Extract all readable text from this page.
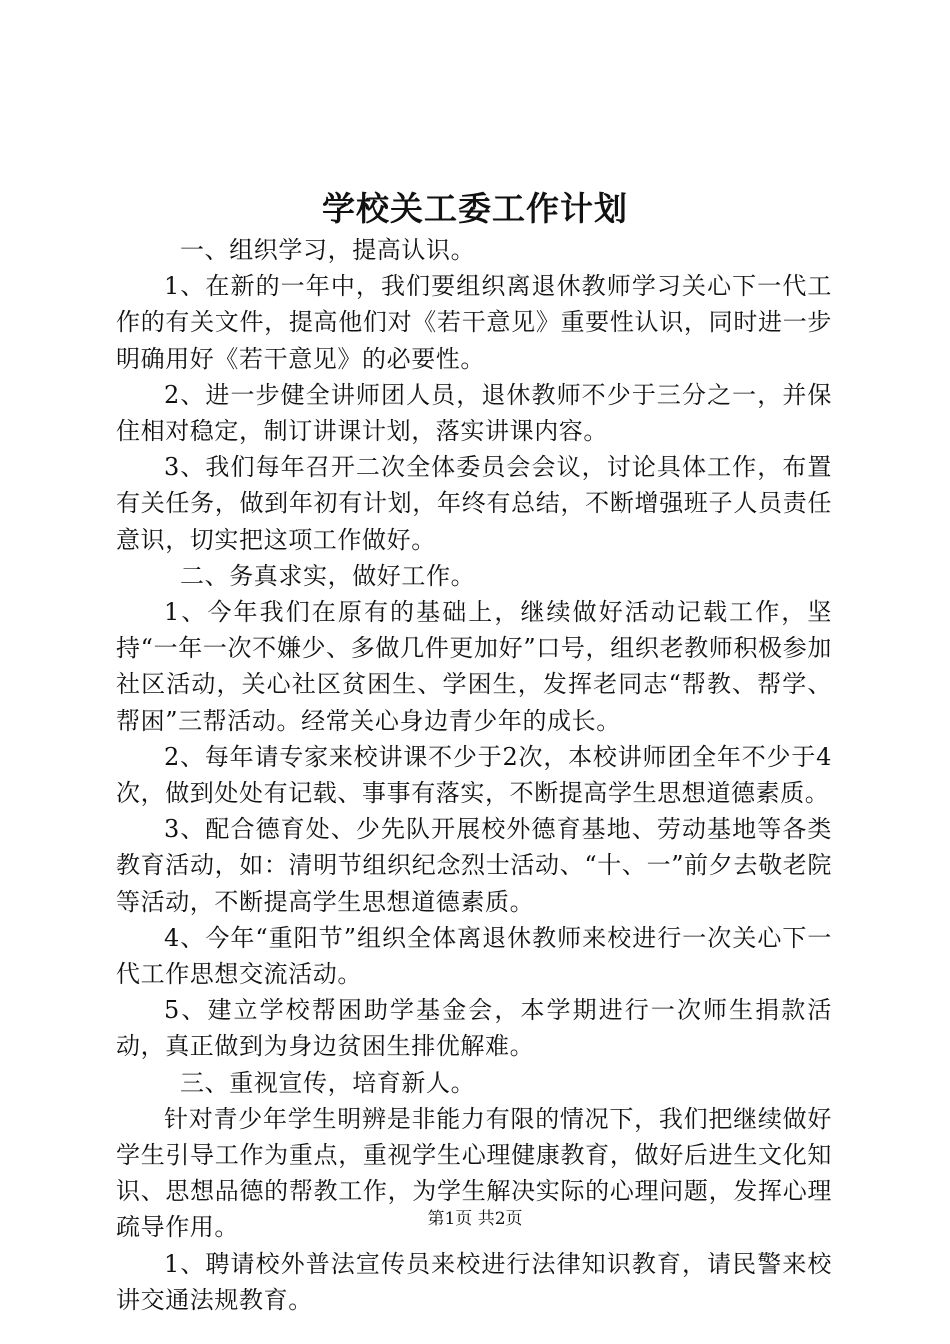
学校关工委工作计划

一、组织学习，提高认识。

1、在新的一年中，我们要组织离退休教师学习关心下一代工作的有关文件，提高他们对《若干意见》重要性认识，同时进一步明确用好《若干意见》的必要性。

2、进一步健全讲师团人员，退休教师不少于三分之一，并保住相对稳定，制订讲课计划，落实讲课内容。

3、我们每年召开二次全体委员会会议，讨论具体工作，布置有关任务，做到年初有计划，年终有总结，不断增强班子人员责任意识，切实把这项工作做好。

二、务真求实，做好工作。

1、今年我们在原有的基础上，继续做好活动记载工作，坚持“一年一次不嫌少、多做几件更加好”口号，组织老教师积极参加社区活动，关心社区贫困生、学困生，发挥老同志“帮教、帮学、帮困”三帮活动。经常关心身边青少年的成长。

2、每年请专家来校讲课不少于2次，本校讲师团全年不少于4次，做到处处有记载、事事有落实，不断提高学生思想道德素质。

3、配合德育处、少先队开展校外德育基地、劳动基地等各类教育活动，如：清明节组织纪念烈士活动、“十、一”前夕去敬老院等活动，不断提高学生思想道德素质。

4、今年“重阳节”组织全体离退休教师来校进行一次关心下一代工作思想交流活动。

5、建立学校帮困助学基金会，本学期进行一次师生捐款活动，真正做到为身边贫困生排优解难。

三、重视宣传，培育新人。

针对青少年学生明辨是非能力有限的情况下，我们把继续做好学生引导工作为重点，重视学生心理健康教育，做好后进生文化知识、思想品德的帮教工作，为学生解决实际的心理问题，发挥心理疏导作用。

1、聘请校外普法宣传员来校进行法律知识教育，请民警来校讲交通法规教育。

第1页 共2页
